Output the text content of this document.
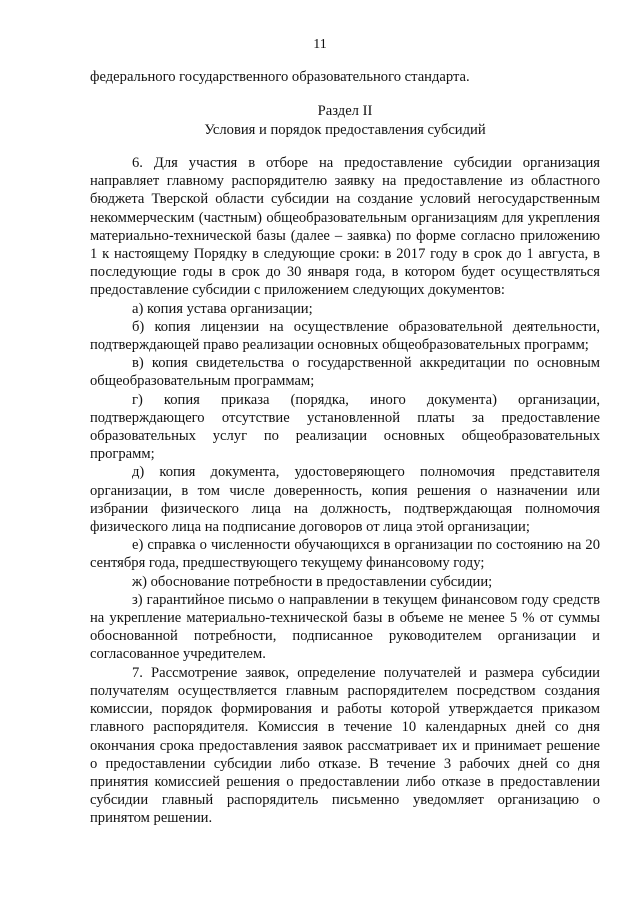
11
федерального государственного образовательного стандарта.
Раздел II
Условия и порядок предоставления субсидий

6. Для участия в отборе на предоставление субсидии организация направляет главному распорядителю заявку на предоставление из областного бюджета Тверской области субсидии на создание условий негосударственным некоммерческим (частным) общеобразовательным организациям для укрепления материально-технической базы (далее – заявка) по форме согласно приложению 1 к настоящему Порядку в следующие сроки: в 2017 году в срок до 1 августа, в последующие годы в срок до 30 января года, в котором будет осуществляться предоставление субсидии с приложением следующих документов:

а) копия устава организации;

б) копия лицензии на осуществление образовательной деятельности, подтверждающей право реализации основных общеобразовательных программ;

в) копия свидетельства о государственной аккредитации по основным общеобразовательным программам;

г) копия приказа (порядка, иного документа) организации, подтверждающего отсутствие установленной платы за предоставление образовательных услуг по реализации основных общеобразовательных программ;

д) копия документа, удостоверяющего полномочия представителя организации, в том числе доверенность, копия решения о назначении или избрании физического лица на должность, подтверждающая полномочия физического лица на подписание договоров от лица этой организации;

е) справка о численности обучающихся в организации по состоянию на 20 сентября года, предшествующего текущему финансовому году;

ж) обоснование потребности в предоставлении субсидии;

з) гарантийное письмо о направлении в текущем финансовом году средств на укрепление материально-технической базы в объеме не менее 5 % от суммы обоснованной потребности, подписанное руководителем организации и согласованное учредителем.

7. Рассмотрение заявок, определение получателей и размера субсидии получателям осуществляется главным распорядителем посредством создания комиссии, порядок формирования и работы которой утверждается приказом главного распорядителя. Комиссия в течение 10 календарных дней со дня окончания срока предоставления заявок рассматривает их и принимает решение о предоставлении субсидии либо отказе. В течение 3 рабочих дней со дня принятия комиссией решения о предоставлении либо отказе в предоставлении субсидии главный распорядитель письменно уведомляет организацию о принятом решении.
